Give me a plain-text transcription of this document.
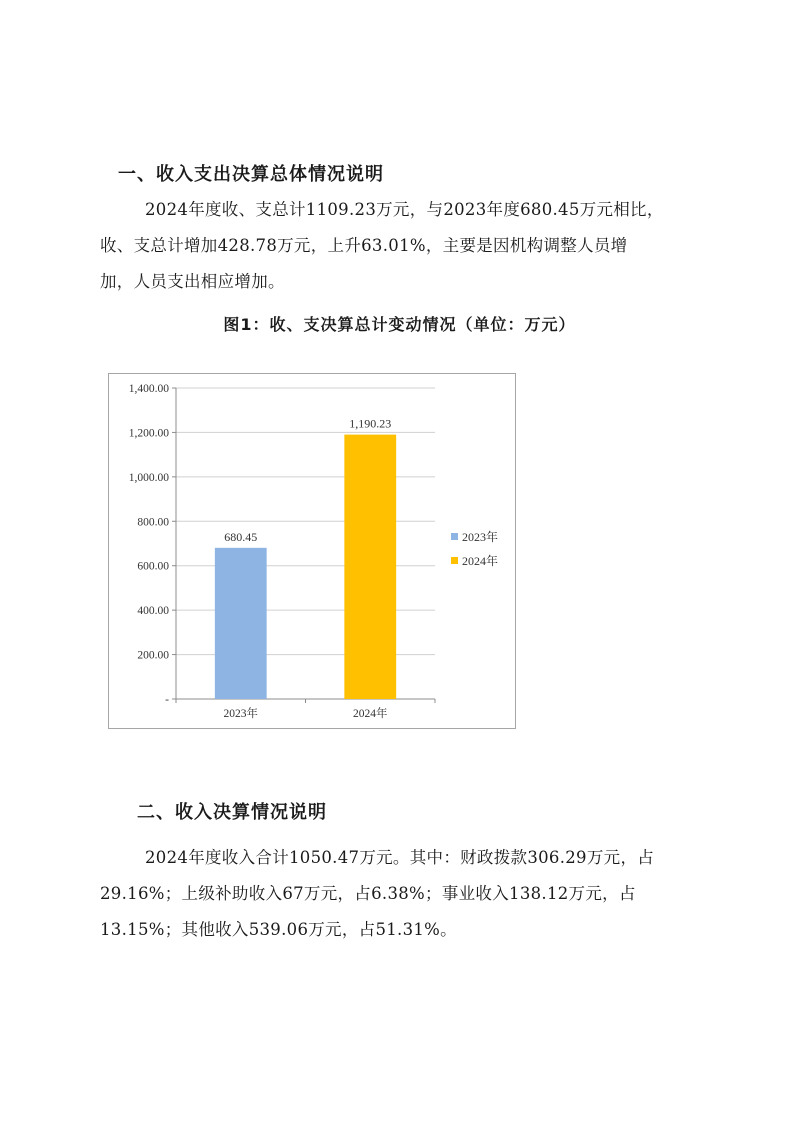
一、收入支出决算总体情况说明
2024年度收、支总计1109.23万元，与2023年度680.45万元相比，
收、支总计增加428.78万元，上升63.01%，主要是因机构调整人员增
加，人员支出相应增加。
图1：收、支决算总计变动情况（单位：万元）
-
200.00
400.00
600.00
800.00
1,000.00
1,200.00
1,400.00
680.45
2023年
1,190.23
2024年
2023年
2024年
二、收入决算情况说明
2024年度收入合计1050.47万元。其中：财政拨款306.29万元，占
29.16%；上级补助收入67万元，占6.38%；事业收入138.12万元，占
13.15%；其他收入539.06万元，占51.31%。
